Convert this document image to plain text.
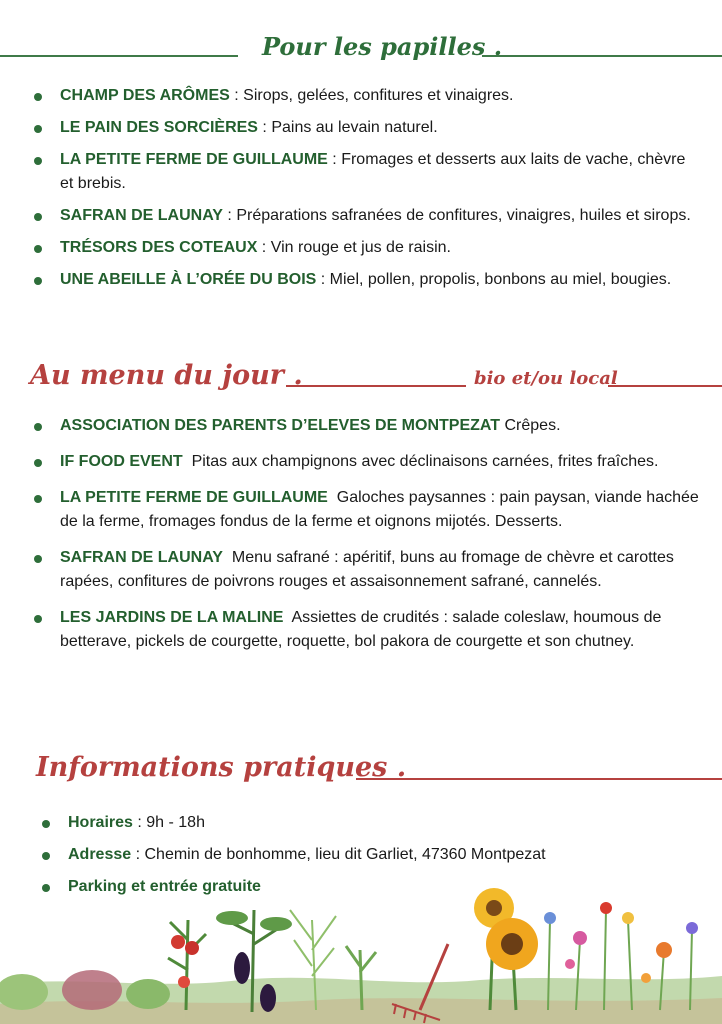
Pour les papilles .
CHAMP DES ARÔMES : Sirops, gelées, confitures et vinaigres.
LE PAIN DES SORCIÈRES : Pains au levain naturel.
LA PETITE FERME DE GUILLAUME : Fromages et desserts aux laits de vache, chèvre et brebis.
SAFRAN DE LAUNAY : Préparations safranées de confitures, vinaigres, huiles et sirops.
TRÉSORS DES COTEAUX : Vin rouge et jus de raisin.
UNE ABEILLE À L’ORÉE DU BOIS : Miel, pollen, propolis, bonbons au miel, bougies.
Au menu du jour .	bio et/ou local
ASSOCIATION DES PARENTS D’ELEVES DE MONTPEZAT Crêpes.
IF FOOD EVENT Pitas aux champignons avec déclinaisons carnées, frites fraîches.
LA PETITE FERME DE GUILLAUME Galoches paysannes : pain paysan, viande hachée de la ferme, fromages fondus de la ferme et oignons mijotés. Desserts.
SAFRAN DE LAUNAY Menu safrané : apéritif, buns au fromage de chèvre et carottes rapées, confitures de poivrons rouges et assaisonnement safrané, cannelés.
LES JARDINS DE LA MALINE Assiettes de crudités : salade coleslaw, houmous de betterave, pickels de courgette, roquette, bol pakora de courgette et son chutney.
Informations pratiques .
Horaires : 9h - 18h
Adresse : Chemin de bonhomme, lieu dit Garliet, 47360 Montpezat
Parking et entrée gratuite
